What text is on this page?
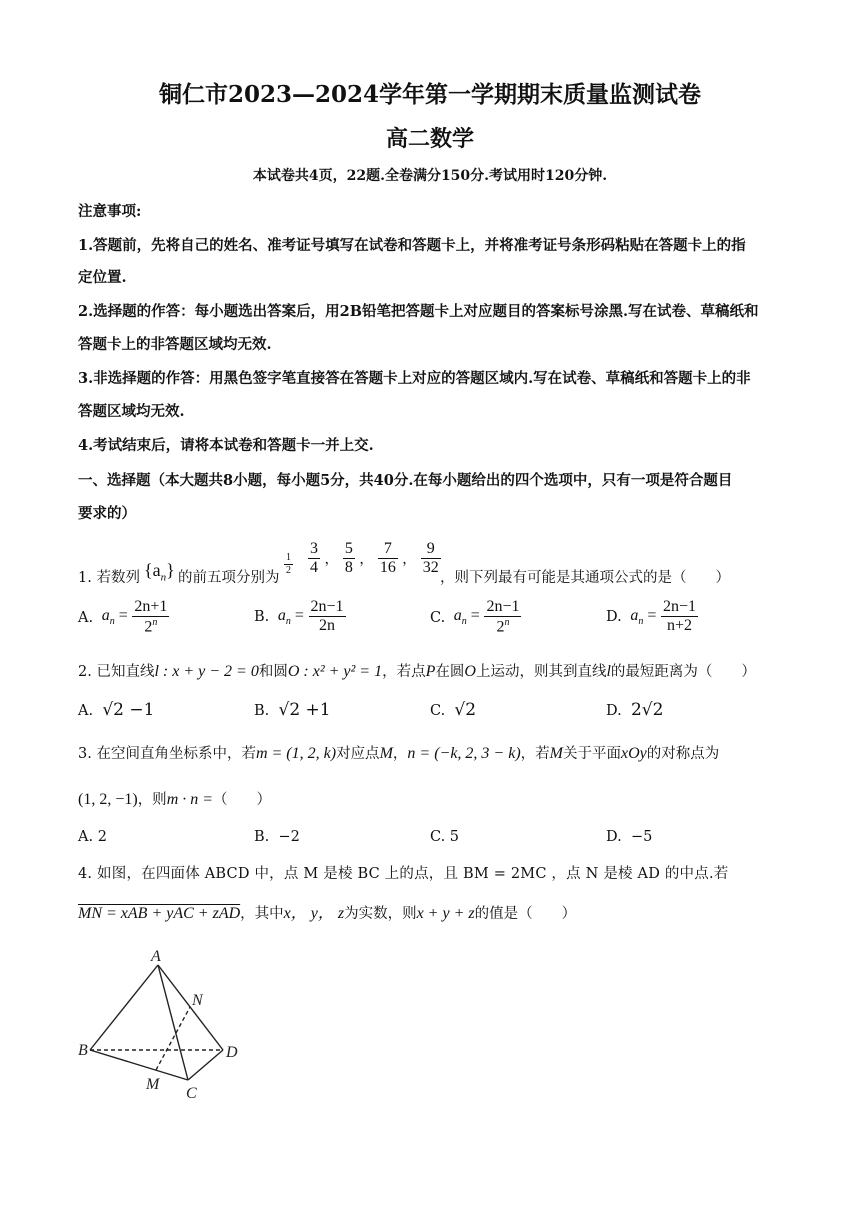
铜仁市2023—2024学年第一学期期末质量监测试卷
高二数学
本试卷共4页，22题.全卷满分150分.考试用时120分钟.
注意事项:
1.答题前，先将自己的姓名、准考证号填写在试卷和答题卡上，并将准考证号条形码粘贴在答题卡上的指
定位置.
2.选择题的作答：每小题选出答案后，用2B铅笔把答题卡上对应题目的答案标号涂黑.写在试卷、草稿纸和
答题卡上的非答题区域均无效.
3.非选择题的作答：用黑色签字笔直接答在答题卡上对应的答题区域内.写在试卷、草稿纸和答题卡上的非
答题区域均无效.
4.考试结束后，请将本试卷和答题卡一并上交.
一、选择题（本大题共8小题，每小题5分，共40分.在每小题给出的四个选项中，只有一项是符合题目
要求的）
1. 若数列 $\{a_n\}$ 的前五项分别为
$\frac{1}{2} \frac{3}{4}$ ， $\frac{5}{8}$ ， $\frac{7}{16}$ ， $\frac{9}{32}$
，则下列最有可能是其通项公式的是（　　）
A.  $a_n = \frac{2n+1}{2^n}$	B.  $a_n = \frac{2n-1}{2n}$	C.  $a_n = \frac{2n-1}{2^n}$	D.  $a_n = \frac{2n-1}{n+2}$
2. 已知直线l : x + y − 2 = 0和圆O : x² + y² = 1，若点P在圆O上运动，则其到直线l的最短距离为（　　）
A. √2 −1	B. √2 +1	C. √2	D. 2√2
3. 在空间直角坐标系中，若m = (1, 2, k)对应点M，n = (−k, 2, 3 − k)，若M关于平面xOy的对称点为
(1, 2, −1)，则m · n =（　　）
A. 2	B. −2	C. 5	D. −5
4. 如图，在四面体 ABCD 中，点 M 是棱 BC 上的点，且 BM = 2MC ，点 N 是棱 AD 的中点.若
MN = xAB + yAC + zAD，其中x， y， z为实数，则x + y + z的值是（　　）
A
B
C
D
M
N
